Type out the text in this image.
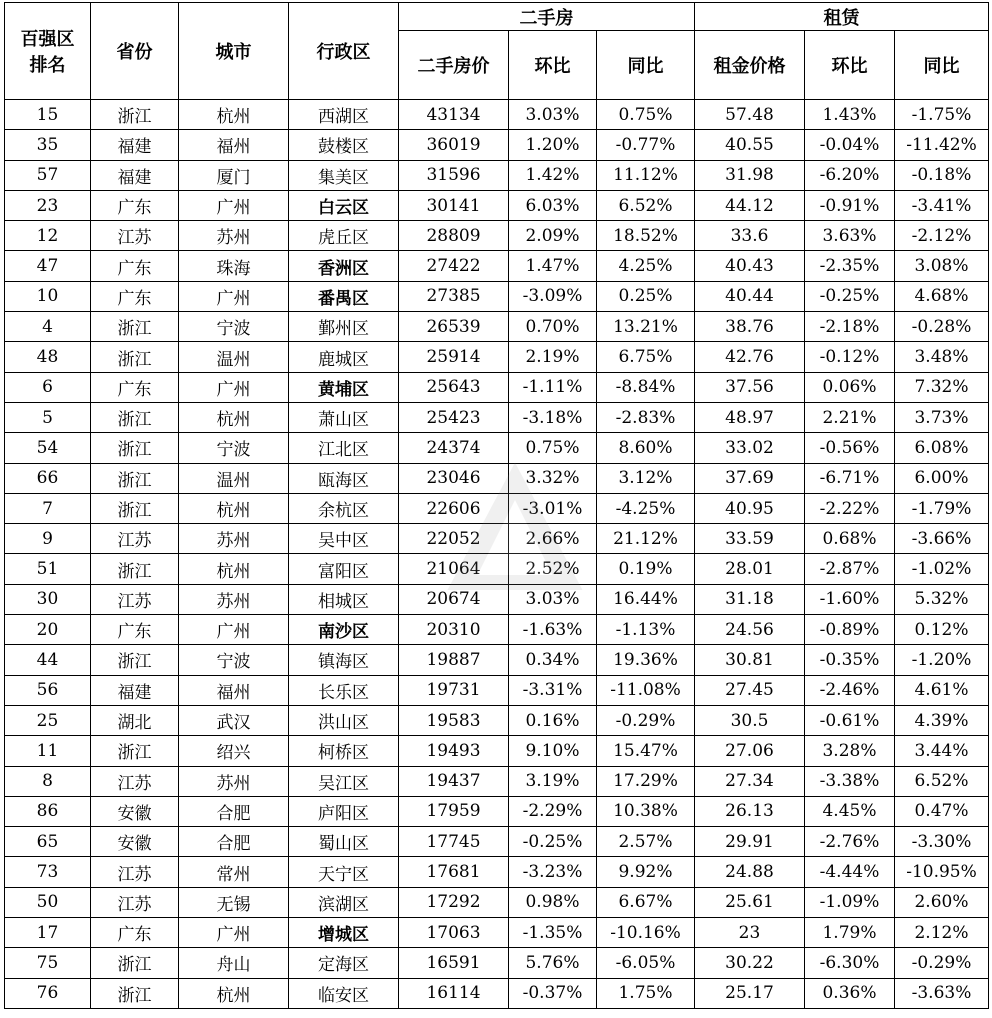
百强区
排名	省份	城市	行政区	二手房			租赁		
				二手房价	环比	同比	租金价格	环比	同比
15	浙江	杭州	西湖区	43134	3.03%	0.75%	57.48	1.43%	-1.75%
35	福建	福州	鼓楼区	36019	1.20%	-0.77%	40.55	-0.04%	-11.42%
57	福建	厦门	集美区	31596	1.42%	11.12%	31.98	-6.20%	-0.18%
23	广东	广州	白云区	30141	6.03%	6.52%	44.12	-0.91%	-3.41%
12	江苏	苏州	虎丘区	28809	2.09%	18.52%	33.6	3.63%	-2.12%
47	广东	珠海	香洲区	27422	1.47%	4.25%	40.43	-2.35%	3.08%
10	广东	广州	番禺区	27385	-3.09%	0.25%	40.44	-0.25%	4.68%
4	浙江	宁波	鄞州区	26539	0.70%	13.21%	38.76	-2.18%	-0.28%
48	浙江	温州	鹿城区	25914	2.19%	6.75%	42.76	-0.12%	3.48%
6	广东	广州	黄埔区	25643	-1.11%	-8.84%	37.56	0.06%	7.32%
5	浙江	杭州	萧山区	25423	-3.18%	-2.83%	48.97	2.21%	3.73%
54	浙江	宁波	江北区	24374	0.75%	8.60%	33.02	-0.56%	6.08%
66	浙江	温州	瓯海区	23046	3.32%	3.12%	37.69	-6.71%	6.00%
7	浙江	杭州	余杭区	22606	-3.01%	-4.25%	40.95	-2.22%	-1.79%
9	江苏	苏州	吴中区	22052	2.66%	21.12%	33.59	0.68%	-3.66%
51	浙江	杭州	富阳区	21064	2.52%	0.19%	28.01	-2.87%	-1.02%
30	江苏	苏州	相城区	20674	3.03%	16.44%	31.18	-1.60%	5.32%
20	广东	广州	南沙区	20310	-1.63%	-1.13%	24.56	-0.89%	0.12%
44	浙江	宁波	镇海区	19887	0.34%	19.36%	30.81	-0.35%	-1.20%
56	福建	福州	长乐区	19731	-3.31%	-11.08%	27.45	-2.46%	4.61%
25	湖北	武汉	洪山区	19583	0.16%	-0.29%	30.5	-0.61%	4.39%
11	浙江	绍兴	柯桥区	19493	9.10%	15.47%	27.06	3.28%	3.44%
8	江苏	苏州	吴江区	19437	3.19%	17.29%	27.34	-3.38%	6.52%
86	安徽	合肥	庐阳区	17959	-2.29%	10.38%	26.13	4.45%	0.47%
65	安徽	合肥	蜀山区	17745	-0.25%	2.57%	29.91	-2.76%	-3.30%
73	江苏	常州	天宁区	17681	-3.23%	9.92%	24.88	-4.44%	-10.95%
50	江苏	无锡	滨湖区	17292	0.98%	6.67%	25.61	-1.09%	2.60%
17	广东	广州	增城区	17063	-1.35%	-10.16%	23	1.79%	2.12%
75	浙江	舟山	定海区	16591	5.76%	-6.05%	30.22	-6.30%	-0.29%
76	浙江	杭州	临安区	16114	-0.37%	1.75%	25.17	0.36%	-3.63%
